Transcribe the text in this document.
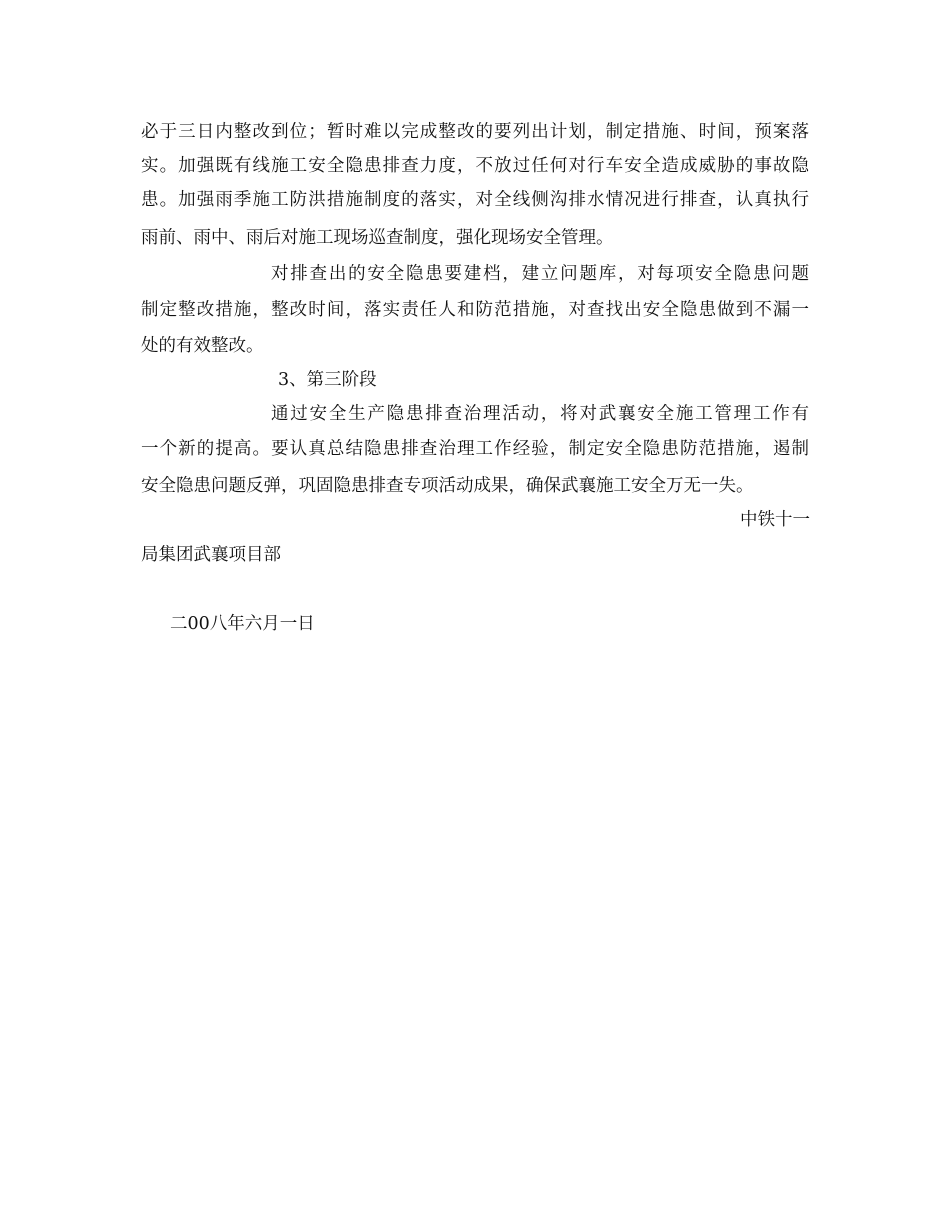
必于三日内整改到位；暂时难以完成整改的要列出计划，制定措施、时间，预案落
实。加强既有线施工安全隐患排查力度，不放过任何对行车安全造成威胁的事故隐
患。加强雨季施工防洪措施制度的落实，对全线侧沟排水情况进行排查，认真执行
雨前、雨中、雨后对施工现场巡查制度，强化现场安全管理。
对排查出的安全隐患要建档，建立问题库，对每项安全隐患问题
制定整改措施，整改时间，落实责任人和防范措施，对查找出安全隐患做到不漏一
处的有效整改。
3、第三阶段
通过安全生产隐患排查治理活动，将对武襄安全施工管理工作有
一个新的提高。要认真总结隐患排查治理工作经验，制定安全隐患防范措施，遏制
安全隐患问题反弹，巩固隐患排查专项活动成果，确保武襄施工安全万无一失。
中铁十一
局集团武襄项目部
二00八年六月一日
